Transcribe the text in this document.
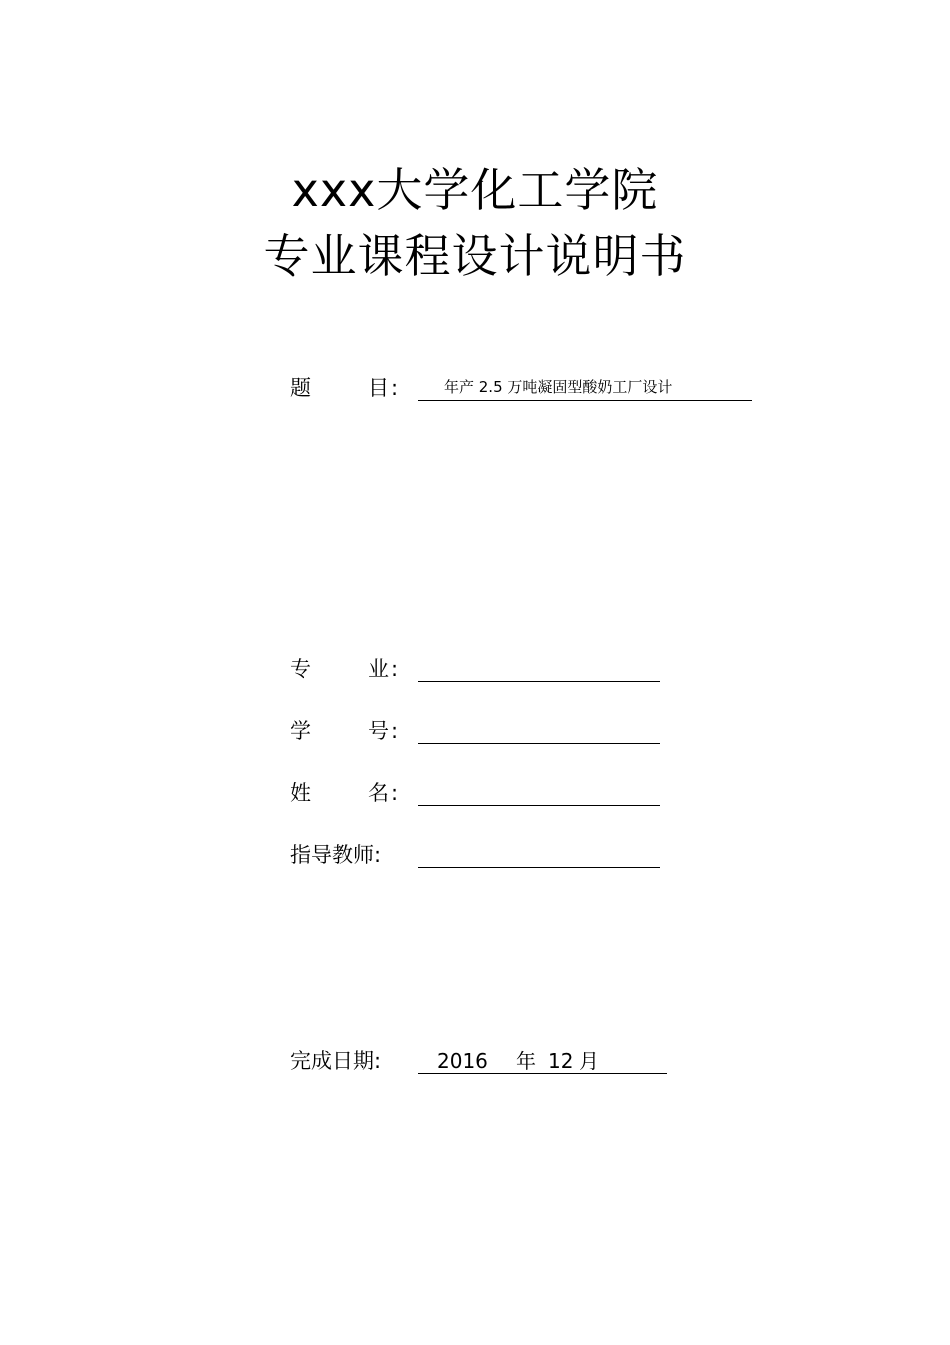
xxx大学化工学院
专业课程设计说明书
题	目 :	年产 2.5 万吨凝固型酸奶工厂设计
专	业 :
学	号 :
姓	名 :
指导教师:
完成日期:	2016 年 12 月
